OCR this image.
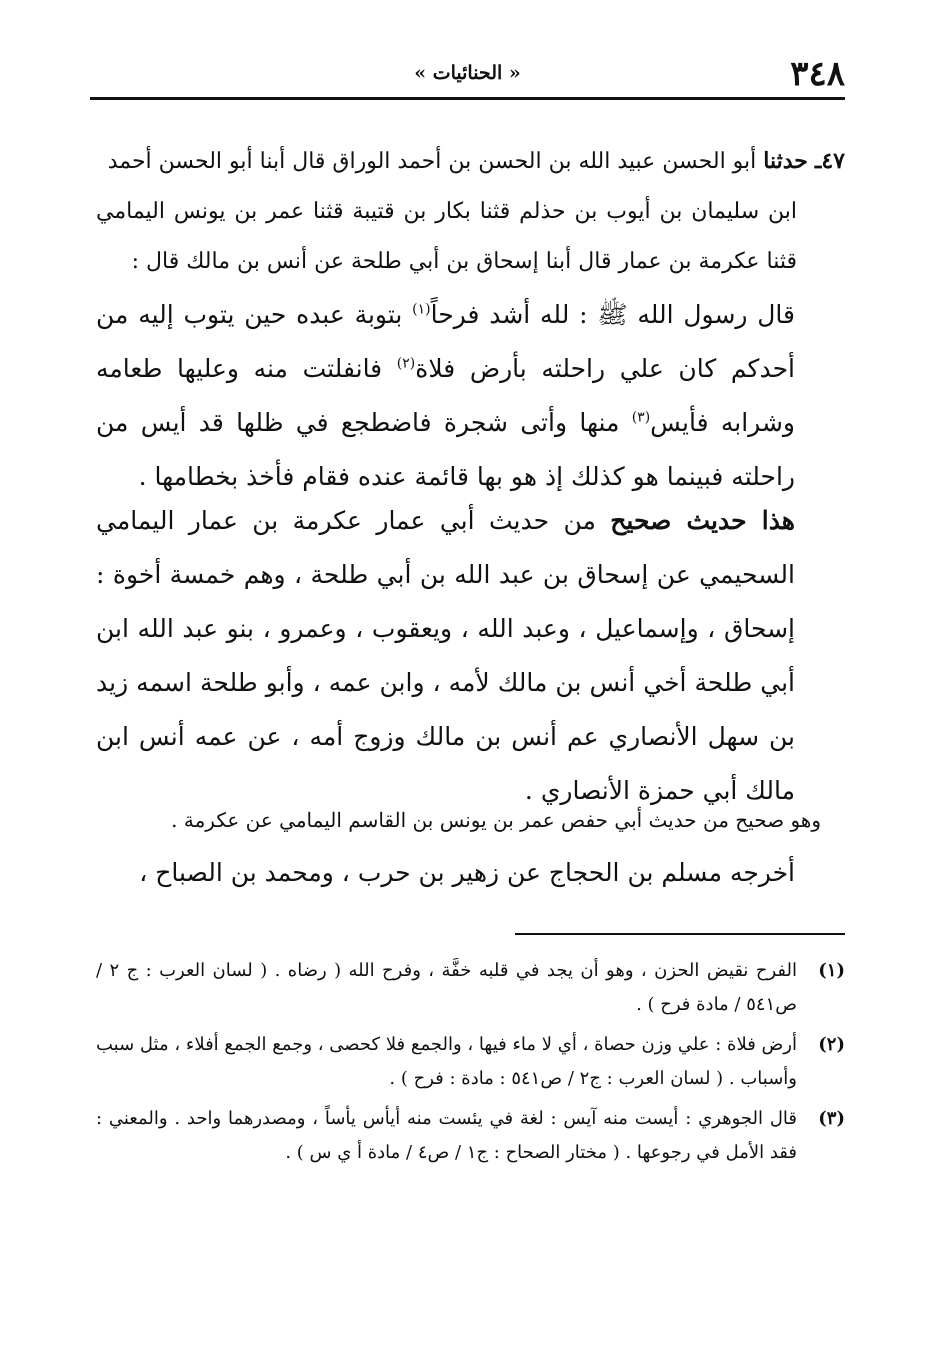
٣٤٨
« الحنائيات »
٤٧ـ حدثنا أبو الحسن عبيد الله بن الحسن بن أحمد الوراق قال أبنا أبو الحسن أحمد
ابن سليمان بن أيوب بن حذلم قثنا بكار بن قتيبة قثنا عمر بن يونس اليمامي قثنا عكرمة بن عمار قال أبنا إسحاق بن أبي طلحة عن أنس بن مالك قال :
قال رسول الله ﷺ : لله أشد فرحاً$^{(١)}$ بتوبة عبده حين يتوب إليه من أحدكم كان علي راحلته بأرض فلاة$^{(٢)}$ فانفلتت منه وعليها طعامه وشرابه فأيس$^{(٣)}$ منها وأتى شجرة فاضطجع في ظلها قد أيس من راحلته فبينما هو كذلك إذ هو بها قائمة عنده فقام فأخذ بخطامها .
هذا حديث صحيح من حديث أبي عمار عكرمة بن عمار اليمامي السحيمي عن إسحاق بن عبد الله بن أبي طلحة ، وهم خمسة أخوة : إسحاق ، وإسماعيل ، وعبد الله ، ويعقوب ، وعمرو ، بنو عبد الله ابن أبي طلحة أخي أنس بن مالك لأمه ، وابن عمه ، وأبو طلحة اسمه زيد بن سهل الأنصاري عم أنس بن مالك وزوج أمه ، عن عمه أنس ابن مالك أبي حمزة الأنصاري .
وهو صحيح من حديث أبي حفص عمر بن يونس بن القاسم اليمامي عن عكرمة .
أخرجه مسلم بن الحجاج عن زهير بن حرب ، ومحمد بن الصباح ،
(١)
الفرح نقيض الحزن ، وهو أن يجد في قلبه خفَّة ، وفرح الله ( رضاه . ( لسان العرب : ج ٢ / ص٥٤١ / مادة فرح ) .
(٢)
أرض فلاة : علي وزن حصاة ، أي لا ماء فيها ، والجمع فلا كحصى ، وجمع الجمع أفلاء ، مثل سبب وأسباب . ( لسان العرب : ج٢ / ص٥٤١ : مادة : فرح ) .
(٣)
قال الجوهري : أيست منه آيس : لغة في يئست منه أيأس يأساً ، ومصدرهما واحد . والمعني : فقد الأمل في رجوعها . ( مختار الصحاح : ج١ / ص٤ / مادة أ ي س ) .
